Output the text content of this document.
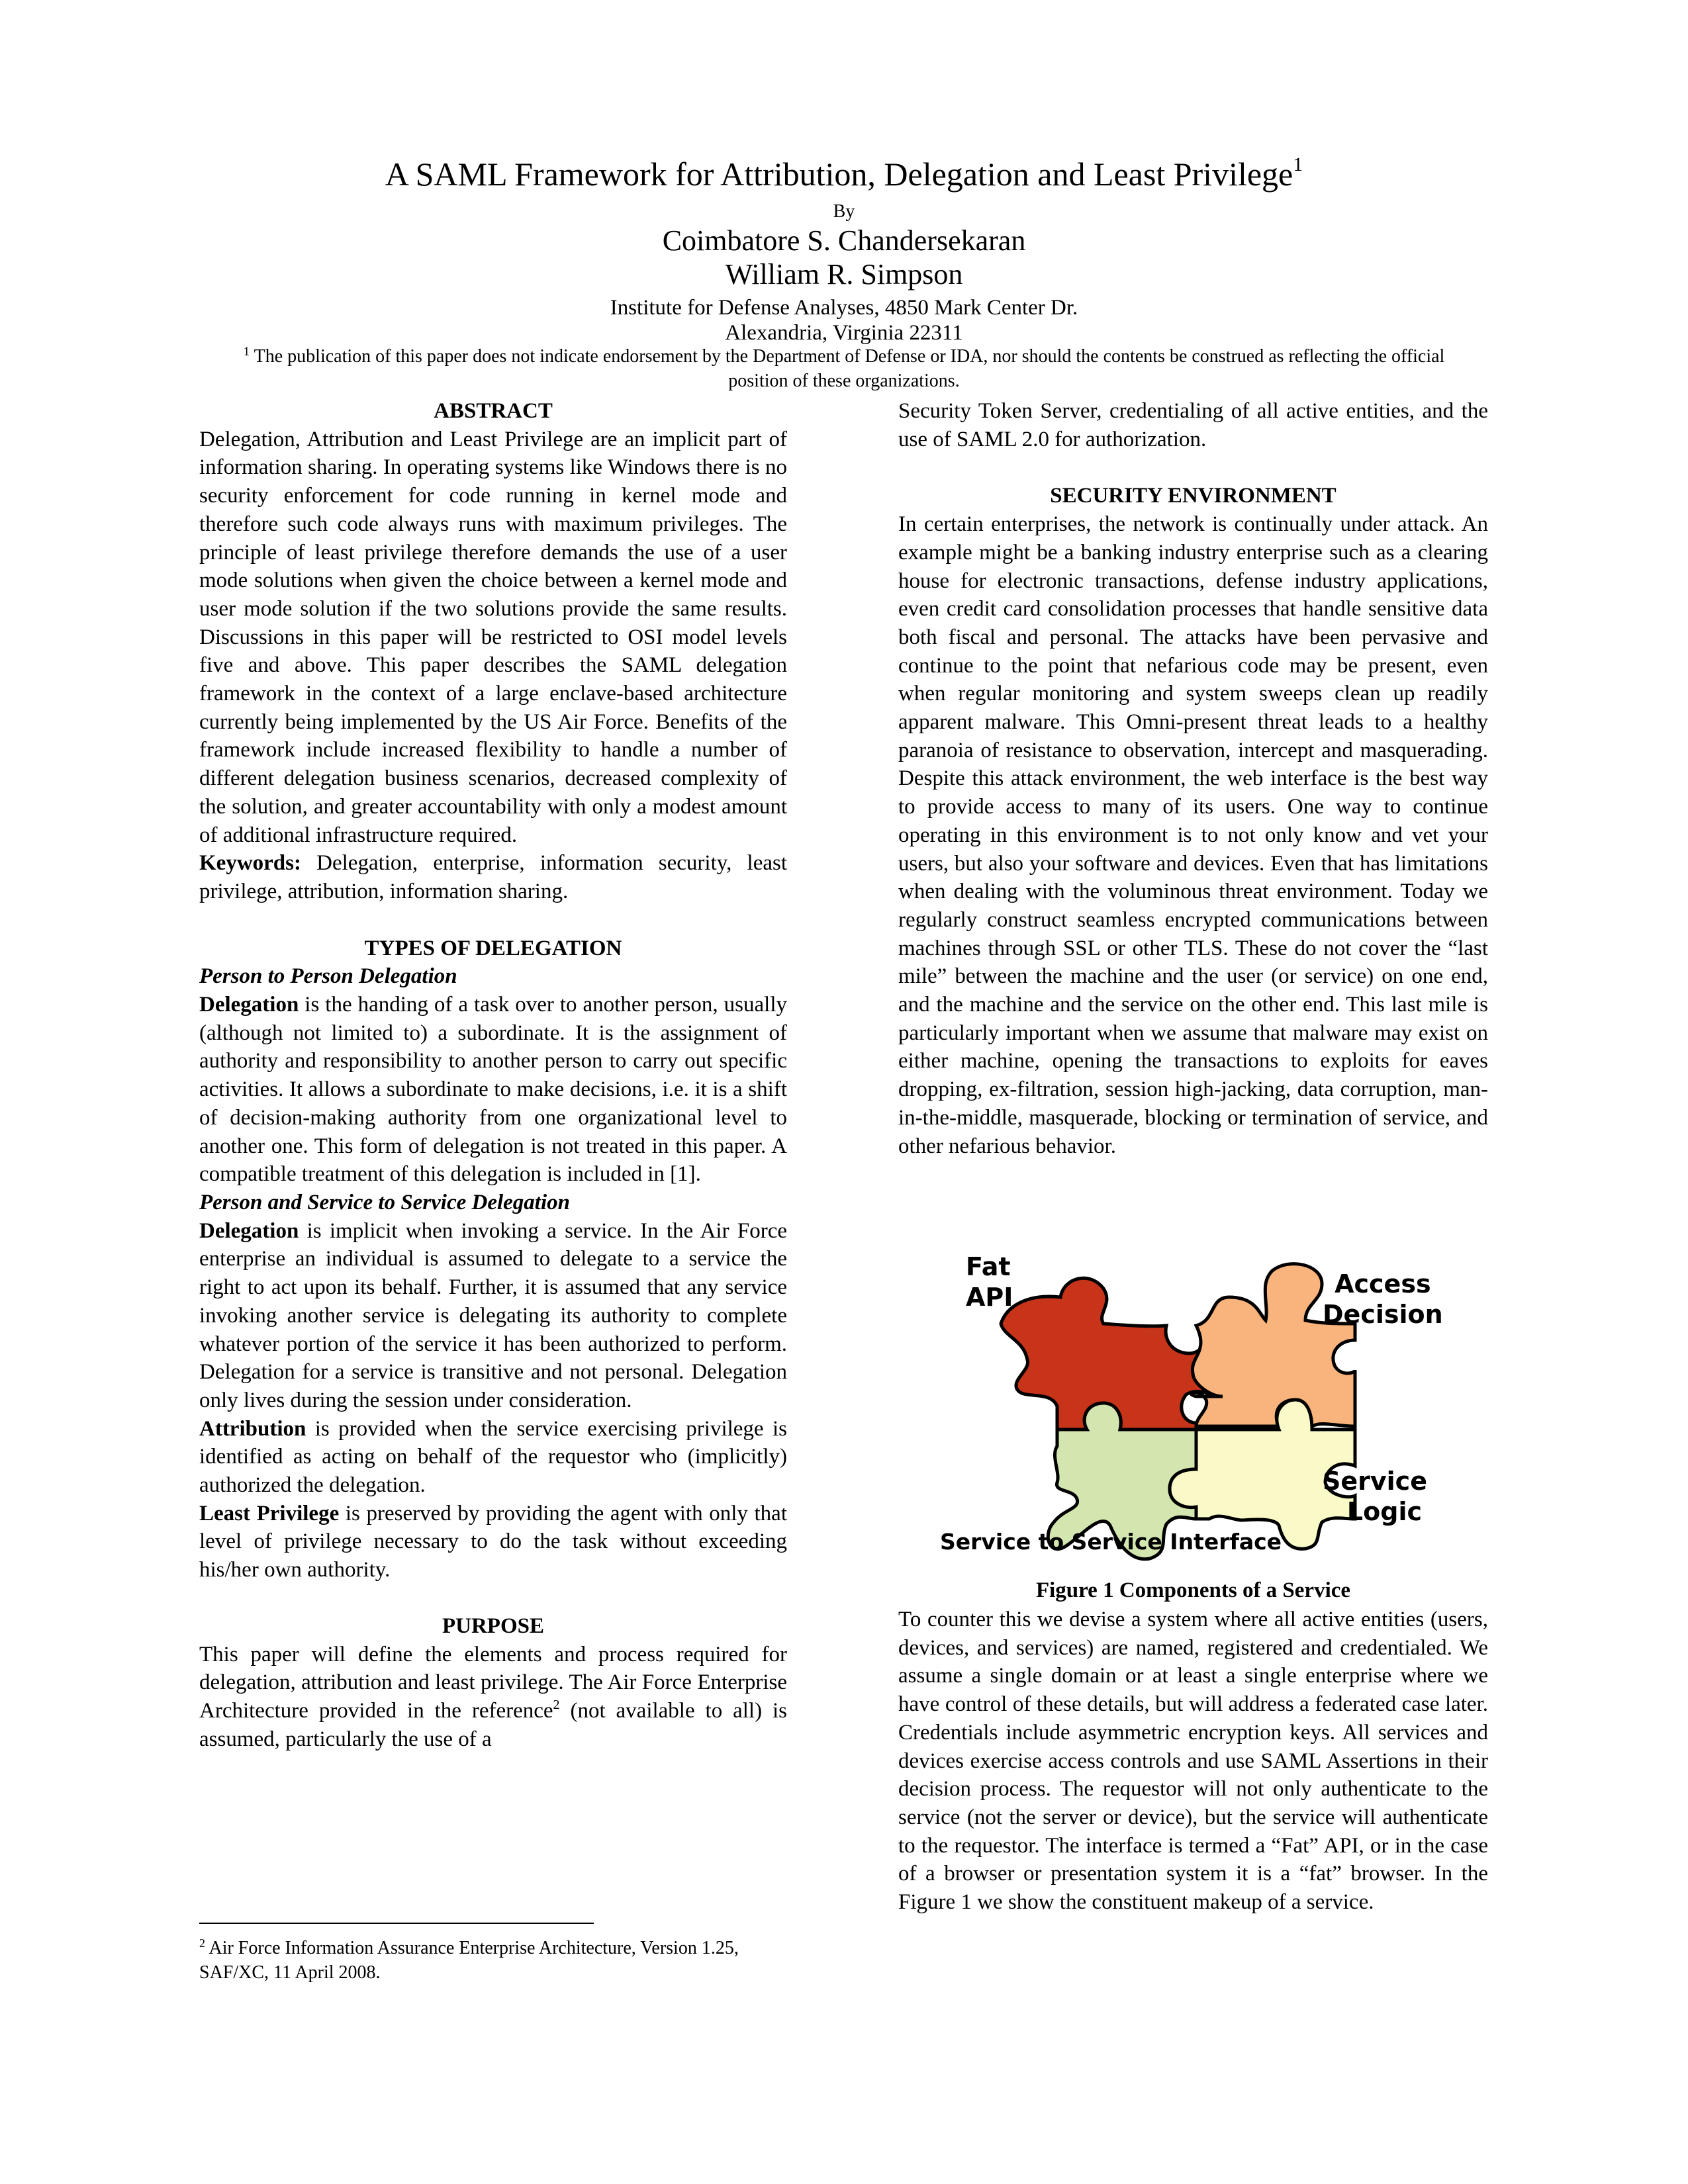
A SAML Framework for Attribution, Delegation and Least Privilege$^1$
By
Coimbatore S. Chandersekaran
William R. Simpson
Institute for Defense Analyses, 4850 Mark Center Dr.
Alexandria, Virginia 22311
$^1$ The publication of this paper does not indicate endorsement by the Department of Defense or IDA, nor should the contents be construed as reflecting the official position of these organizations.

ABSTRACT

Delegation, Attribution and Least Privilege are an implicit part of information sharing. In operating systems like Windows there is no security enforcement for code running in kernel mode and therefore such code always runs with maximum privileges. The principle of least privilege therefore demands the use of a user mode solutions when given the choice between a kernel mode and user mode solution if the two solutions provide the same results. Discussions in this paper will be restricted to OSI model levels five and above. This paper describes the SAML delegation framework in the context of a large enclave-based architecture currently being implemented by the US Air Force. Benefits of the framework include increased flexibility to handle a number of different delegation business scenarios, decreased complexity of the solution, and greater accountability with only a modest amount of additional infrastructure required.

Keywords: Delegation, enterprise, information security, least privilege, attribution, information sharing.

TYPES OF DELEGATION

Person to Person Delegation

Delegation is the handing of a task over to another person, usually (although not limited to) a subordinate. It is the assignment of authority and responsibility to another person to carry out specific activities. It allows a subordinate to make decisions, i.e. it is a shift of decision-making authority from one organizational level to another one. This form of delegation is not treated in this paper. A compatible treatment of this delegation is included in [1].

Person and Service to Service Delegation

Delegation is implicit when invoking a service. In the Air Force enterprise an individual is assumed to delegate to a service the right to act upon its behalf. Further, it is assumed that any service invoking another service is delegating its authority to complete whatever portion of the service it has been authorized to perform. Delegation for a service is transitive and not personal. Delegation only lives during the session under consideration.

Attribution is provided when the service exercising privilege is identified as acting on behalf of the requestor who (implicitly) authorized the delegation.

Least Privilege is preserved by providing the agent with only that level of privilege necessary to do the task without exceeding his/her own authority.

PURPOSE

This paper will define the elements and process required for delegation, attribution and least privilege. The Air Force Enterprise Architecture provided in the reference$^2$ (not available to all) is assumed, particularly the use of a

$^2$ Air Force Information Assurance Enterprise Architecture, Version 1.25, SAF/XC, 11 April 2008.

Security Token Server, credentialing of all active entities, and the use of SAML 2.0 for authorization.

SECURITY ENVIRONMENT

In certain enterprises, the network is continually under attack. An example might be a banking industry enterprise such as a clearing house for electronic transactions, defense industry applications, even credit card consolidation processes that handle sensitive data both fiscal and personal. The attacks have been pervasive and continue to the point that nefarious code may be present, even when regular monitoring and system sweeps clean up readily apparent malware. This Omni-present threat leads to a healthy paranoia of resistance to observation, intercept and masquerading. Despite this attack environment, the web interface is the best way to provide access to many of its users. One way to continue operating in this environment is to not only know and vet your users, but also your software and devices. Even that has limitations when dealing with the voluminous threat environment. Today we regularly construct seamless encrypted communications between machines through SSL or other TLS. These do not cover the “last mile” between the machine and the user (or service) on one end, and the machine and the service on the other end. This last mile is particularly important when we assume that malware may exist on either machine, opening the transactions to exploits for eaves dropping, ex-filtration, session high-jacking, data corruption, man-in-the-middle, masquerade, blocking or termination of service, and other nefarious behavior.

Fat
API	Access
Decision
Service
Logic
Service to Service Interface
Figure 1 Components of a Service

To counter this we devise a system where all active entities (users, devices, and services) are named, registered and credentialed. We assume a single domain or at least a single enterprise where we have control of these details, but will address a federated case later. Credentials include asymmetric encryption keys. All services and devices exercise access controls and use SAML Assertions in their decision process. The requestor will not only authenticate to the service (not the server or device), but the service will authenticate to the requestor. The interface is termed a “Fat” API, or in the case of a browser or presentation system it is a “fat” browser. In the Figure 1 we show the constituent makeup of a service.
